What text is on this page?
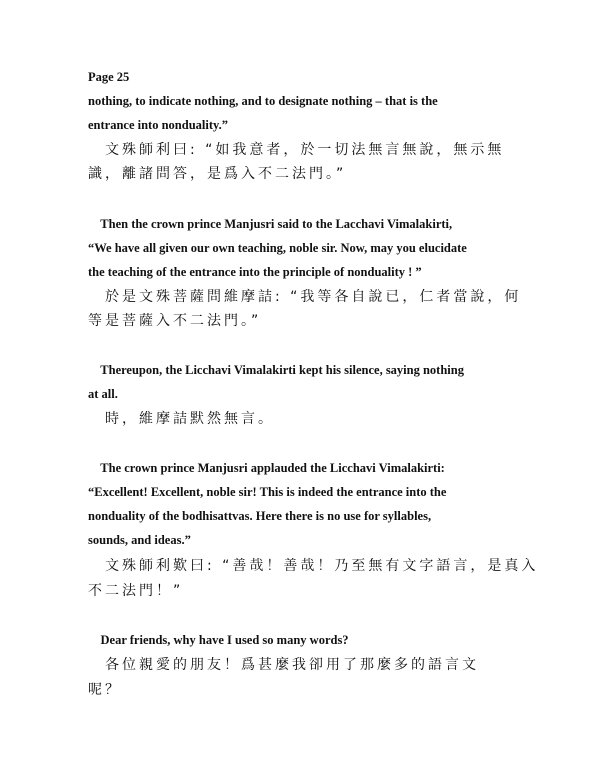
Page 25
nothing, to indicate nothing, and to designate nothing – that is the
entrance into nonduality.”
　文殊師利曰: “如我意者，於一切法無言無說，無示無
識，離諸問答，是爲入不二法門。”
Then the crown prince Manjusri said to the Lacchavi Vimalakirti,
“We have all given our own teaching, noble sir. Now, may you elucidate
the teaching of the entrance into the principle of nonduality ! ”
　於是文殊菩薩問維摩詰: “我等各自說已，仁者當說，何
等是菩薩入不二法門。”
Thereupon, the Licchavi Vimalakirti kept his silence, saying nothing
at all.
　時，維摩詰默然無言。
The crown prince Manjusri applauded the Licchavi Vimalakirti:
“Excellent! Excellent, noble sir! This is indeed the entrance into the
nonduality of the bodhisattvas. Here there is no use for syllables,
sounds, and ideas.”
　文殊師利歎曰: “善哉！善哉！乃至無有文字語言，是真入
不二法門！”
Dear friends, why have I used so many words?
　各位親愛的朋友！爲甚麼我卻用了那麼多的語言文
呢？
